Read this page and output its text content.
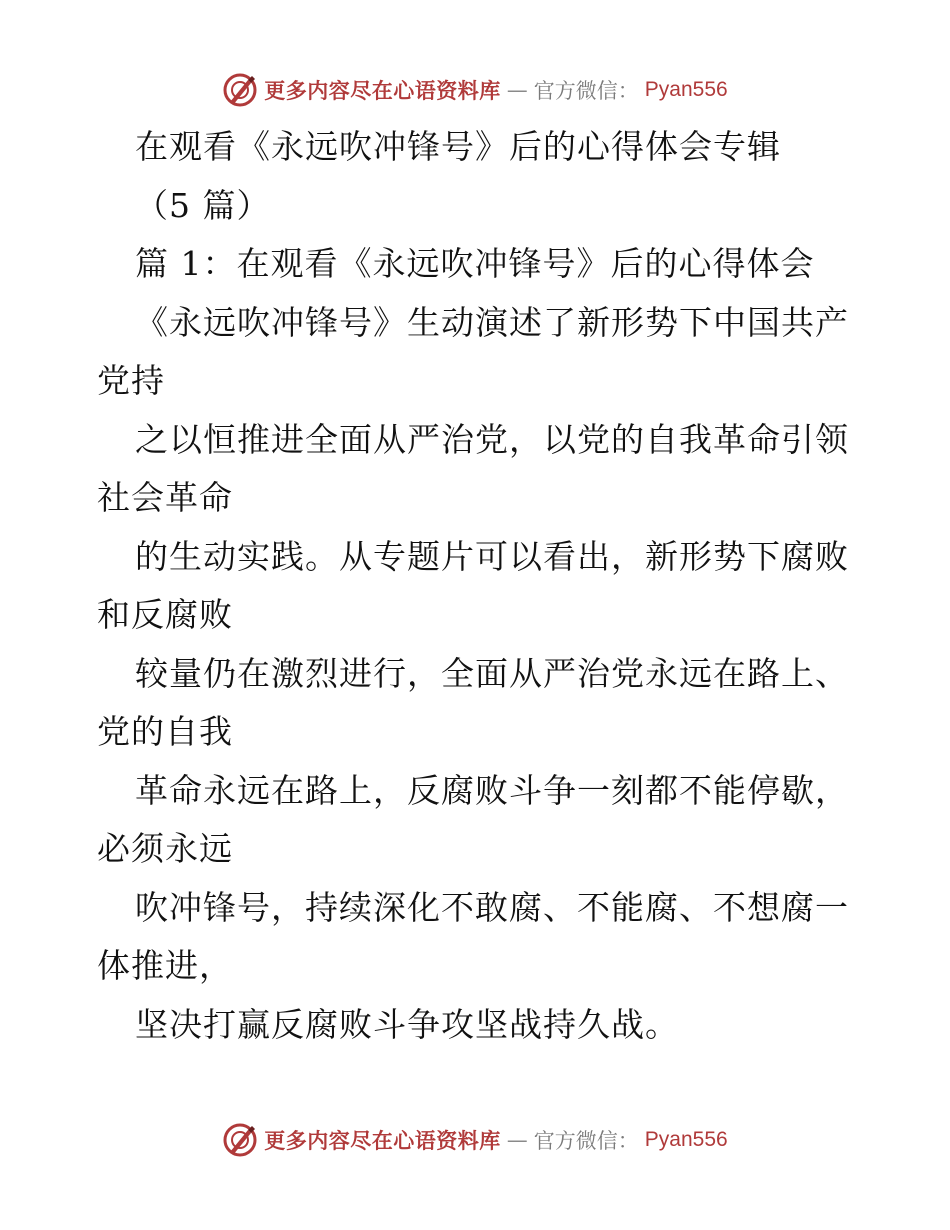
更多内容尽在心语资料库 — 官方微信： Pyan556
在观看《永远吹冲锋号》后的心得体会专辑
（5 篇）
篇 1：在观看《永远吹冲锋号》后的心得体会
《永远吹冲锋号》生动演述了新形势下中国共产
党持
之以恒推进全面从严治党，以党的自我革命引领
社会革命
的生动实践。从专题片可以看出，新形势下腐败
和反腐败
较量仍在激烈进行，全面从严治党永远在路上、
党的自我
革命永远在路上，反腐败斗争一刻都不能停歇，
必须永远
吹冲锋号，持续深化不敢腐、不能腐、不想腐一
体推进，
坚决打赢反腐败斗争攻坚战持久战。
更多内容尽在心语资料库 — 官方微信： Pyan556
